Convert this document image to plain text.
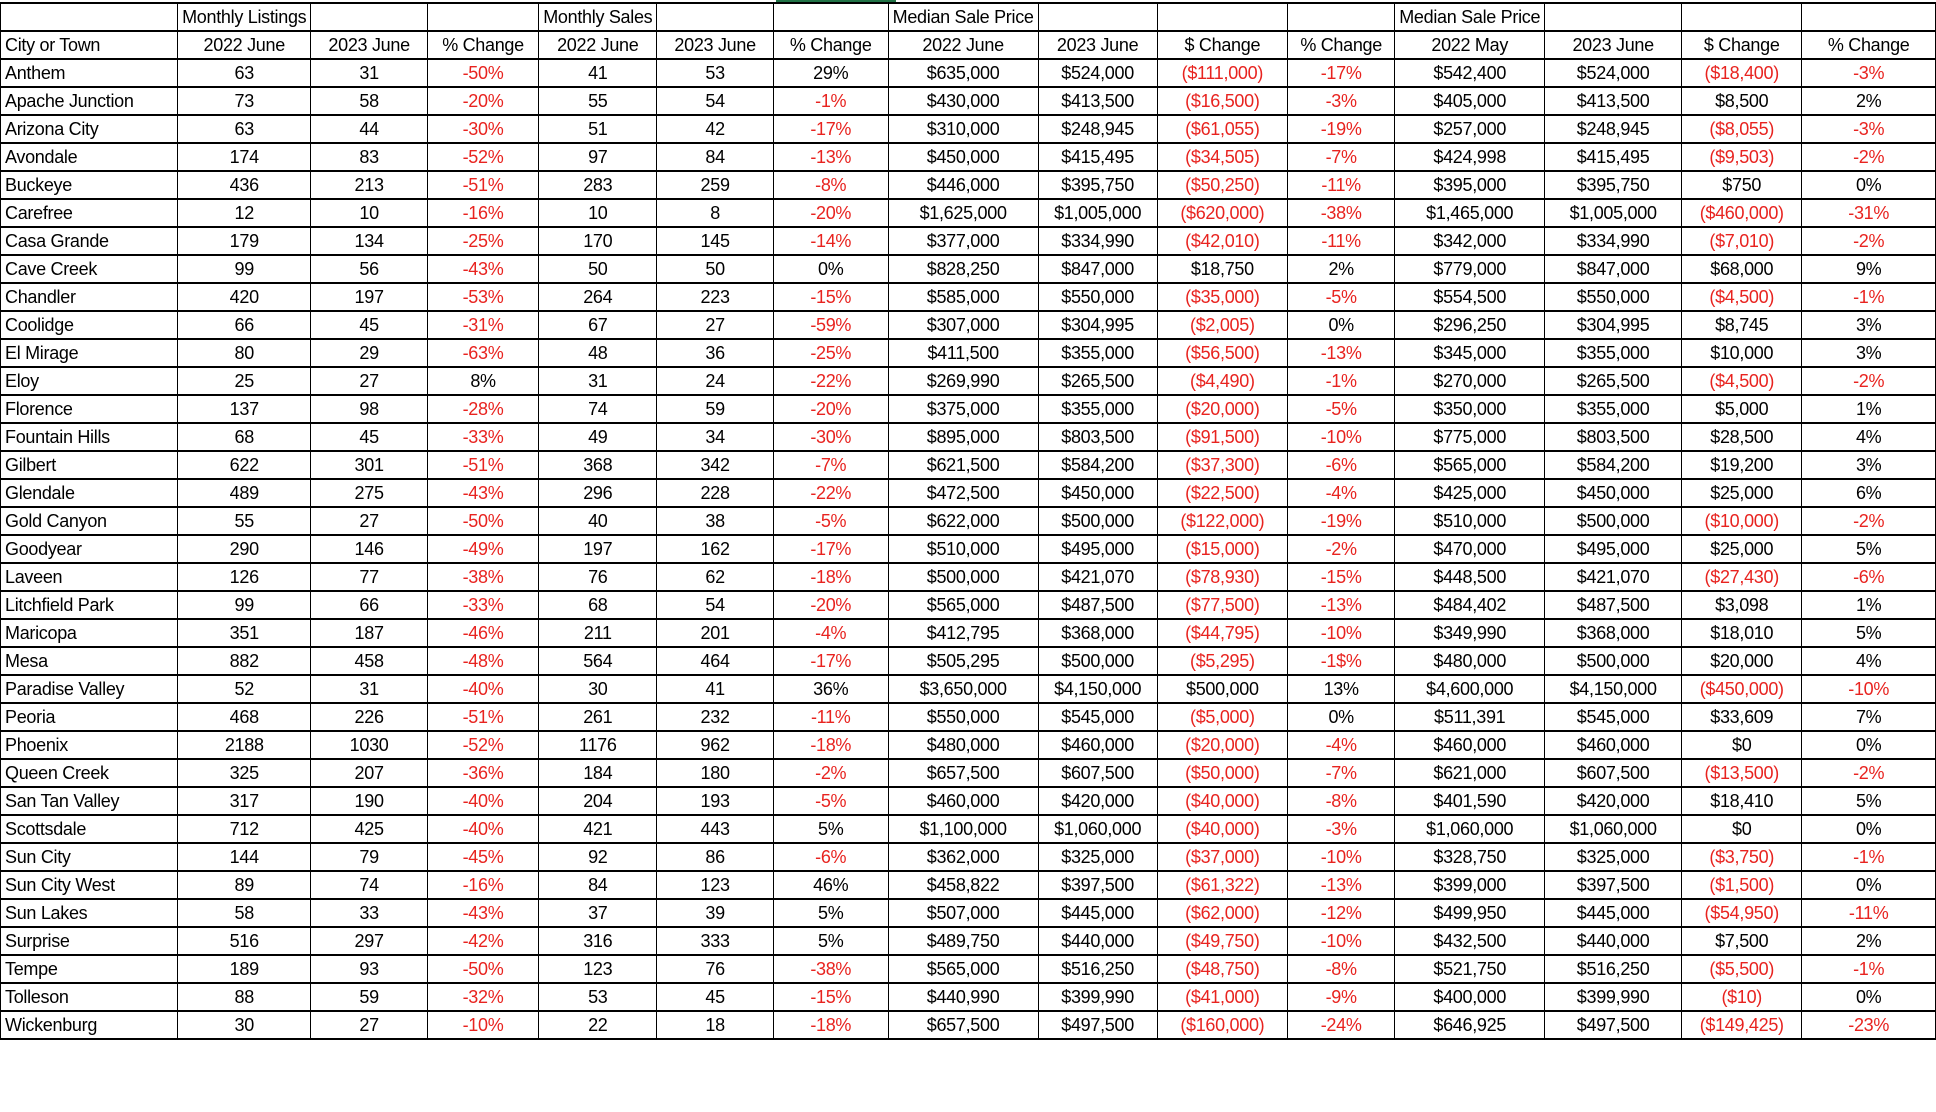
	Monthly Listings			Monthly Sales			Median Sale Price				Median Sale Price			
City or Town	2022 June	2023 June	% Change	2022 June	2023 June	% Change	2022 June	2023 June	$ Change	% Change	2022 May	2023 June	$ Change	% Change
Anthem	63	31	-50%	41	53	29%	$635,000	$524,000	($111,000)	-17%	$542,400	$524,000	($18,400)	-3%
Apache Junction	73	58	-20%	55	54	-1%	$430,000	$413,500	($16,500)	-3%	$405,000	$413,500	$8,500	2%
Arizona City	63	44	-30%	51	42	-17%	$310,000	$248,945	($61,055)	-19%	$257,000	$248,945	($8,055)	-3%
Avondale	174	83	-52%	97	84	-13%	$450,000	$415,495	($34,505)	-7%	$424,998	$415,495	($9,503)	-2%
Buckeye	436	213	-51%	283	259	-8%	$446,000	$395,750	($50,250)	-11%	$395,000	$395,750	$750	0%
Carefree	12	10	-16%	10	8	-20%	$1,625,000	$1,005,000	($620,000)	-38%	$1,465,000	$1,005,000	($460,000)	-31%
Casa Grande	179	134	-25%	170	145	-14%	$377,000	$334,990	($42,010)	-11%	$342,000	$334,990	($7,010)	-2%
Cave Creek	99	56	-43%	50	50	0%	$828,250	$847,000	$18,750	2%	$779,000	$847,000	$68,000	9%
Chandler	420	197	-53%	264	223	-15%	$585,000	$550,000	($35,000)	-5%	$554,500	$550,000	($4,500)	-1%
Coolidge	66	45	-31%	67	27	-59%	$307,000	$304,995	($2,005)	0%	$296,250	$304,995	$8,745	3%
El Mirage	80	29	-63%	48	36	-25%	$411,500	$355,000	($56,500)	-13%	$345,000	$355,000	$10,000	3%
Eloy	25	27	8%	31	24	-22%	$269,990	$265,500	($4,490)	-1%	$270,000	$265,500	($4,500)	-2%
Florence	137	98	-28%	74	59	-20%	$375,000	$355,000	($20,000)	-5%	$350,000	$355,000	$5,000	1%
Fountain Hills	68	45	-33%	49	34	-30%	$895,000	$803,500	($91,500)	-10%	$775,000	$803,500	$28,500	4%
Gilbert	622	301	-51%	368	342	-7%	$621,500	$584,200	($37,300)	-6%	$565,000	$584,200	$19,200	3%
Glendale	489	275	-43%	296	228	-22%	$472,500	$450,000	($22,500)	-4%	$425,000	$450,000	$25,000	6%
Gold Canyon	55	27	-50%	40	38	-5%	$622,000	$500,000	($122,000)	-19%	$510,000	$500,000	($10,000)	-2%
Goodyear	290	146	-49%	197	162	-17%	$510,000	$495,000	($15,000)	-2%	$470,000	$495,000	$25,000	5%
Laveen	126	77	-38%	76	62	-18%	$500,000	$421,070	($78,930)	-15%	$448,500	$421,070	($27,430)	-6%
Litchfield Park	99	66	-33%	68	54	-20%	$565,000	$487,500	($77,500)	-13%	$484,402	$487,500	$3,098	1%
Maricopa	351	187	-46%	211	201	-4%	$412,795	$368,000	($44,795)	-10%	$349,990	$368,000	$18,010	5%
Mesa	882	458	-48%	564	464	-17%	$505,295	$500,000	($5,295)	-1$%	$480,000	$500,000	$20,000	4%
Paradise Valley	52	31	-40%	30	41	36%	$3,650,000	$4,150,000	$500,000	13%	$4,600,000	$4,150,000	($450,000)	-10%
Peoria	468	226	-51%	261	232	-11%	$550,000	$545,000	($5,000)	0%	$511,391	$545,000	$33,609	7%
Phoenix	2188	1030	-52%	1176	962	-18%	$480,000	$460,000	($20,000)	-4%	$460,000	$460,000	$0	0%
Queen Creek	325	207	-36%	184	180	-2%	$657,500	$607,500	($50,000)	-7%	$621,000	$607,500	($13,500)	-2%
San Tan Valley	317	190	-40%	204	193	-5%	$460,000	$420,000	($40,000)	-8%	$401,590	$420,000	$18,410	5%
Scottsdale	712	425	-40%	421	443	5%	$1,100,000	$1,060,000	($40,000)	-3%	$1,060,000	$1,060,000	$0	0%
Sun City	144	79	-45%	92	86	-6%	$362,000	$325,000	($37,000)	-10%	$328,750	$325,000	($3,750)	-1%
Sun City West	89	74	-16%	84	123	46%	$458,822	$397,500	($61,322)	-13%	$399,000	$397,500	($1,500)	0%
Sun Lakes	58	33	-43%	37	39	5%	$507,000	$445,000	($62,000)	-12%	$499,950	$445,000	($54,950)	-11%
Surprise	516	297	-42%	316	333	5%	$489,750	$440,000	($49,750)	-10%	$432,500	$440,000	$7,500	2%
Tempe	189	93	-50%	123	76	-38%	$565,000	$516,250	($48,750)	-8%	$521,750	$516,250	($5,500)	-1%
Tolleson	88	59	-32%	53	45	-15%	$440,990	$399,990	($41,000)	-9%	$400,000	$399,990	($10)	0%
Wickenburg	30	27	-10%	22	18	-18%	$657,500	$497,500	($160,000)	-24%	$646,925	$497,500	($149,425)	-23%
